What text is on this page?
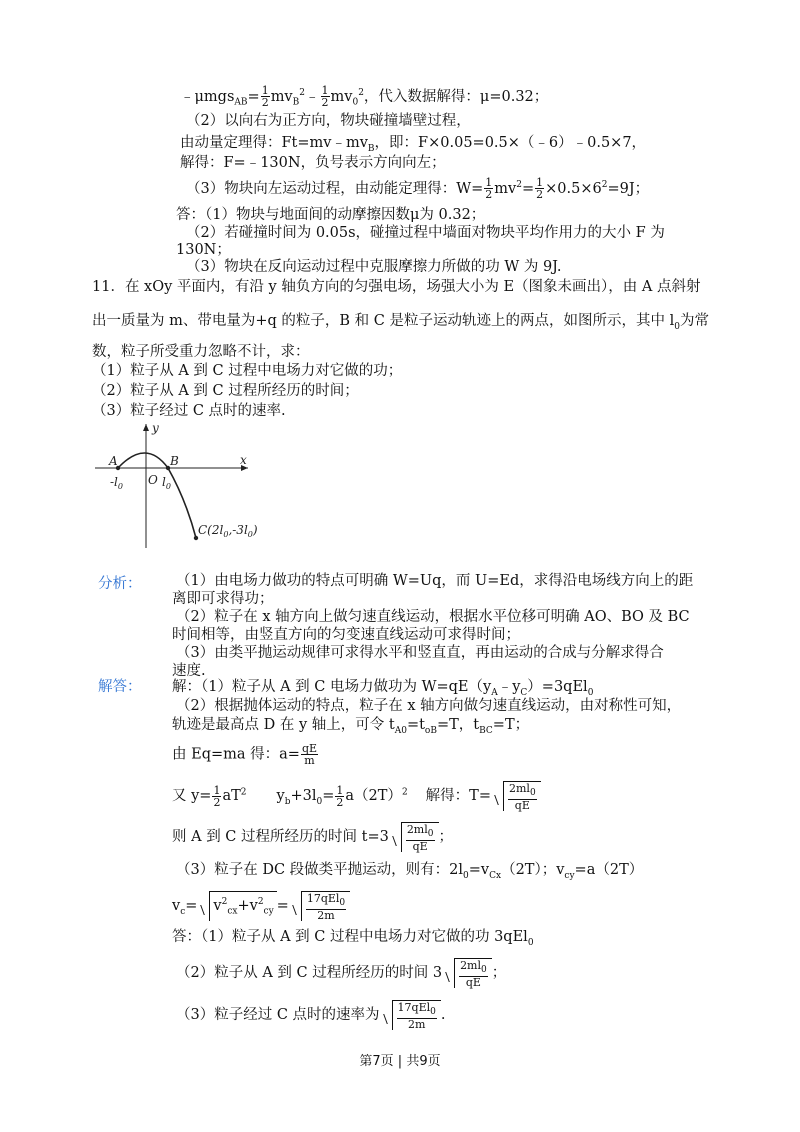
﹣μmgs$_{AB}$= $\frac{1}{2}$ $mv_B^2﹣ \frac{1}{2} mv_0^2$，代入数据解得：μ=0.32；
（2）以向右为正方向，物块碰撞墙壁过程，
由动量定理得：$Ft=mv﹣mv_B$，即：F×0.05=0.5×（﹣6）﹣0.5×7，
解得：F=﹣130N，负号表示方向向左；
（3）物块向左运动过程，由动能定理得：$W= \frac{1}{2} mv^2= \frac{1}{2} \times 0.5\times 6^2=9J$；
答：（1）物块与地面间的动摩擦因数μ为 0.32；
（2）若碰撞时间为 0.05s，碰撞过程中墙面对物块平均作用力的大小 F 为
130N；
（3）物块在反向运动过程中克服摩擦力所做的功 W 为 9J.
11．在 xOy 平面内，有沿 y 轴负方向的匀强电场，场强大小为 E（图象未画出），由 A 点斜射
出一质量为 m、带电量为+q 的粒子，B 和 C 是粒子运动轨迹上的两点，如图所示，其中 $l_0$为常
数，粒子所受重力忽略不计，求：
（1）粒子从 A 到 C 过程中电场力对它做的功；
（2）粒子从 A 到 C 过程所经历的时间；
（3）粒子经过 C 点时的速率.
y
x
A	B
O
$-l_0$	$l_0$
$C(2l_0,-3l_0)$
分析： （1）由电场力做功的特点可明确 W=Uq，而 U=Ed，求得沿电场线方向上的距
离即可求得功；
（2）粒子在 x 轴方向上做匀速直线运动，根据水平位移可明确 AO、BO 及 BC
时间相等，由竖直方向的匀变速直线运动可求得时间；
（3）由类平抛运动规律可求得水平和竖直直，再由运动的合成与分解求得合
速度.
解答： 解：（1）粒子从 A 到 C 电场力做功为 $W=qE(y_A﹣y_C)=3qEl_0$
（2）根据抛体运动的特点，粒子在 x 轴方向做匀速直线运动，由对称性可知，
轨迹是最高点 D 在 y 轴上，可令 $t_{A0}=t_{oB}=T$，$t_{BC}=T$；
由 Eq=ma 得：$a= \frac{qE}{m}$
又 $y= \frac{1}{2} aT^2$ $y_b+3l_0= \frac{1}{2} a(2T)^2$ 解得：$T= \frac{2ml_0}{qE}$
则 A 到 C 过程所经历的时间 $t=3 \frac{2ml_0}{qE}$ ；
（3）粒子在 DC 段做类平抛运动，则有：$2l_0=v_{Cx}(2T)$；$v_{cy}=a(2T)$
$v_c= v^2_{cx}+v^2_{cy} = \frac{17qEl_0}{2m}$
答：（1）粒子从 A 到 C 过程中电场力对它做的功 3qEl$_0$
（2）粒子从 A 到 C 过程所经历的时间 $3 \frac{2ml_0}{qE}$ ；
（3）粒子经过 C 点时的速率为 $\frac{17qEl_0}{2m}$ .
第7页 | 共9页
